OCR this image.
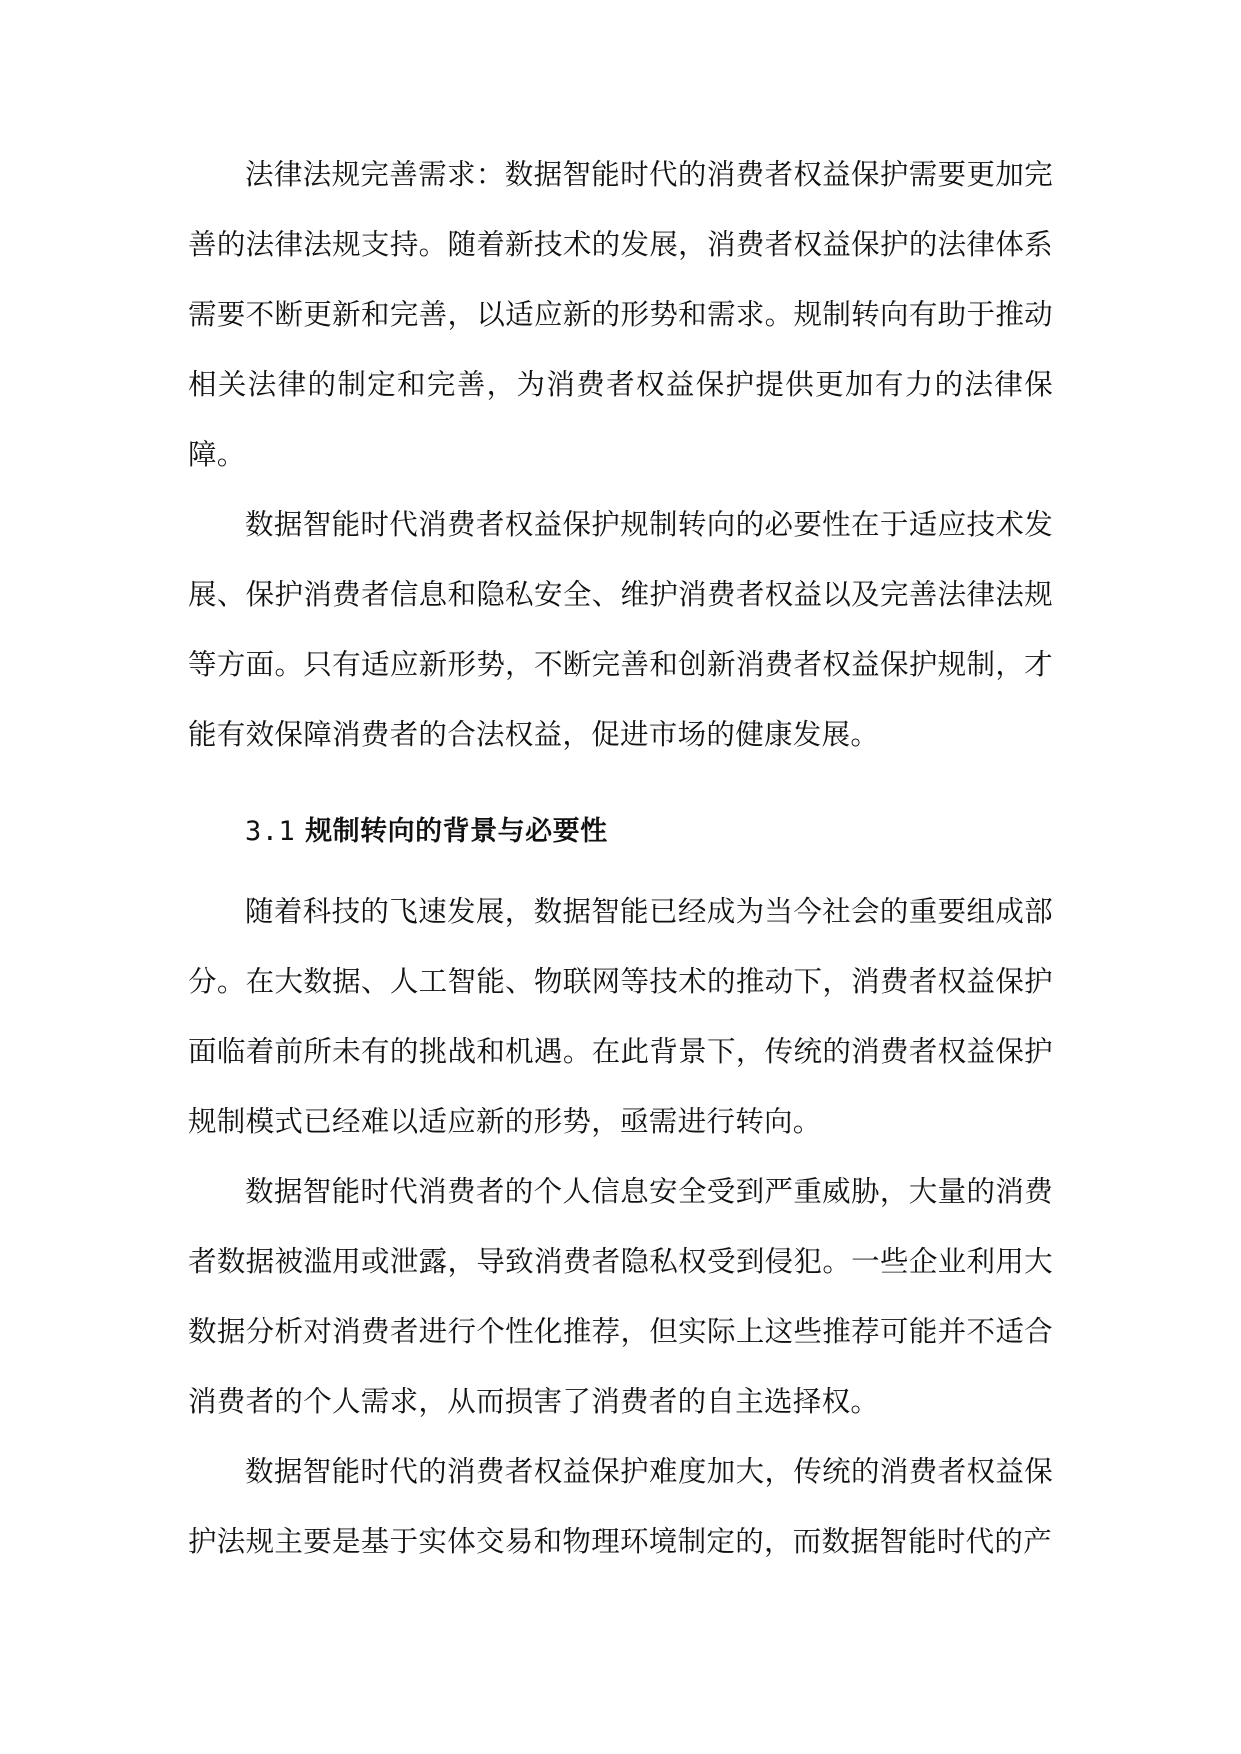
法律法规完善需求：数据智能时代的消费者权益保护需要更加完善的法律法规支持。随着新技术的发展，消费者权益保护的法律体系需要不断更新和完善，以适应新的形势和需求。规制转向有助于推动相关法律的制定和完善，为消费者权益保护提供更加有力的法律保障。

数据智能时代消费者权益保护规制转向的必要性在于适应技术发展、保护消费者信息和隐私安全、维护消费者权益以及完善法律法规等方面。只有适应新形势，不断完善和创新消费者权益保护规制，才能有效保障消费者的合法权益，促进市场的健康发展。

3.1 规制转向的背景与必要性

随着科技的飞速发展，数据智能已经成为当今社会的重要组成部分。在大数据、人工智能、物联网等技术的推动下，消费者权益保护面临着前所未有的挑战和机遇。在此背景下，传统的消费者权益保护规制模式已经难以适应新的形势，亟需进行转向。

数据智能时代消费者的个人信息安全受到严重威胁，大量的消费者数据被滥用或泄露，导致消费者隐私权受到侵犯。一些企业利用大数据分析对消费者进行个性化推荐，但实际上这些推荐可能并不适合消费者的个人需求，从而损害了消费者的自主选择权。

数据智能时代的消费者权益保护难度加大，传统的消费者权益保护法规主要是基于实体交易和物理环境制定的，而数据智能时代的产
